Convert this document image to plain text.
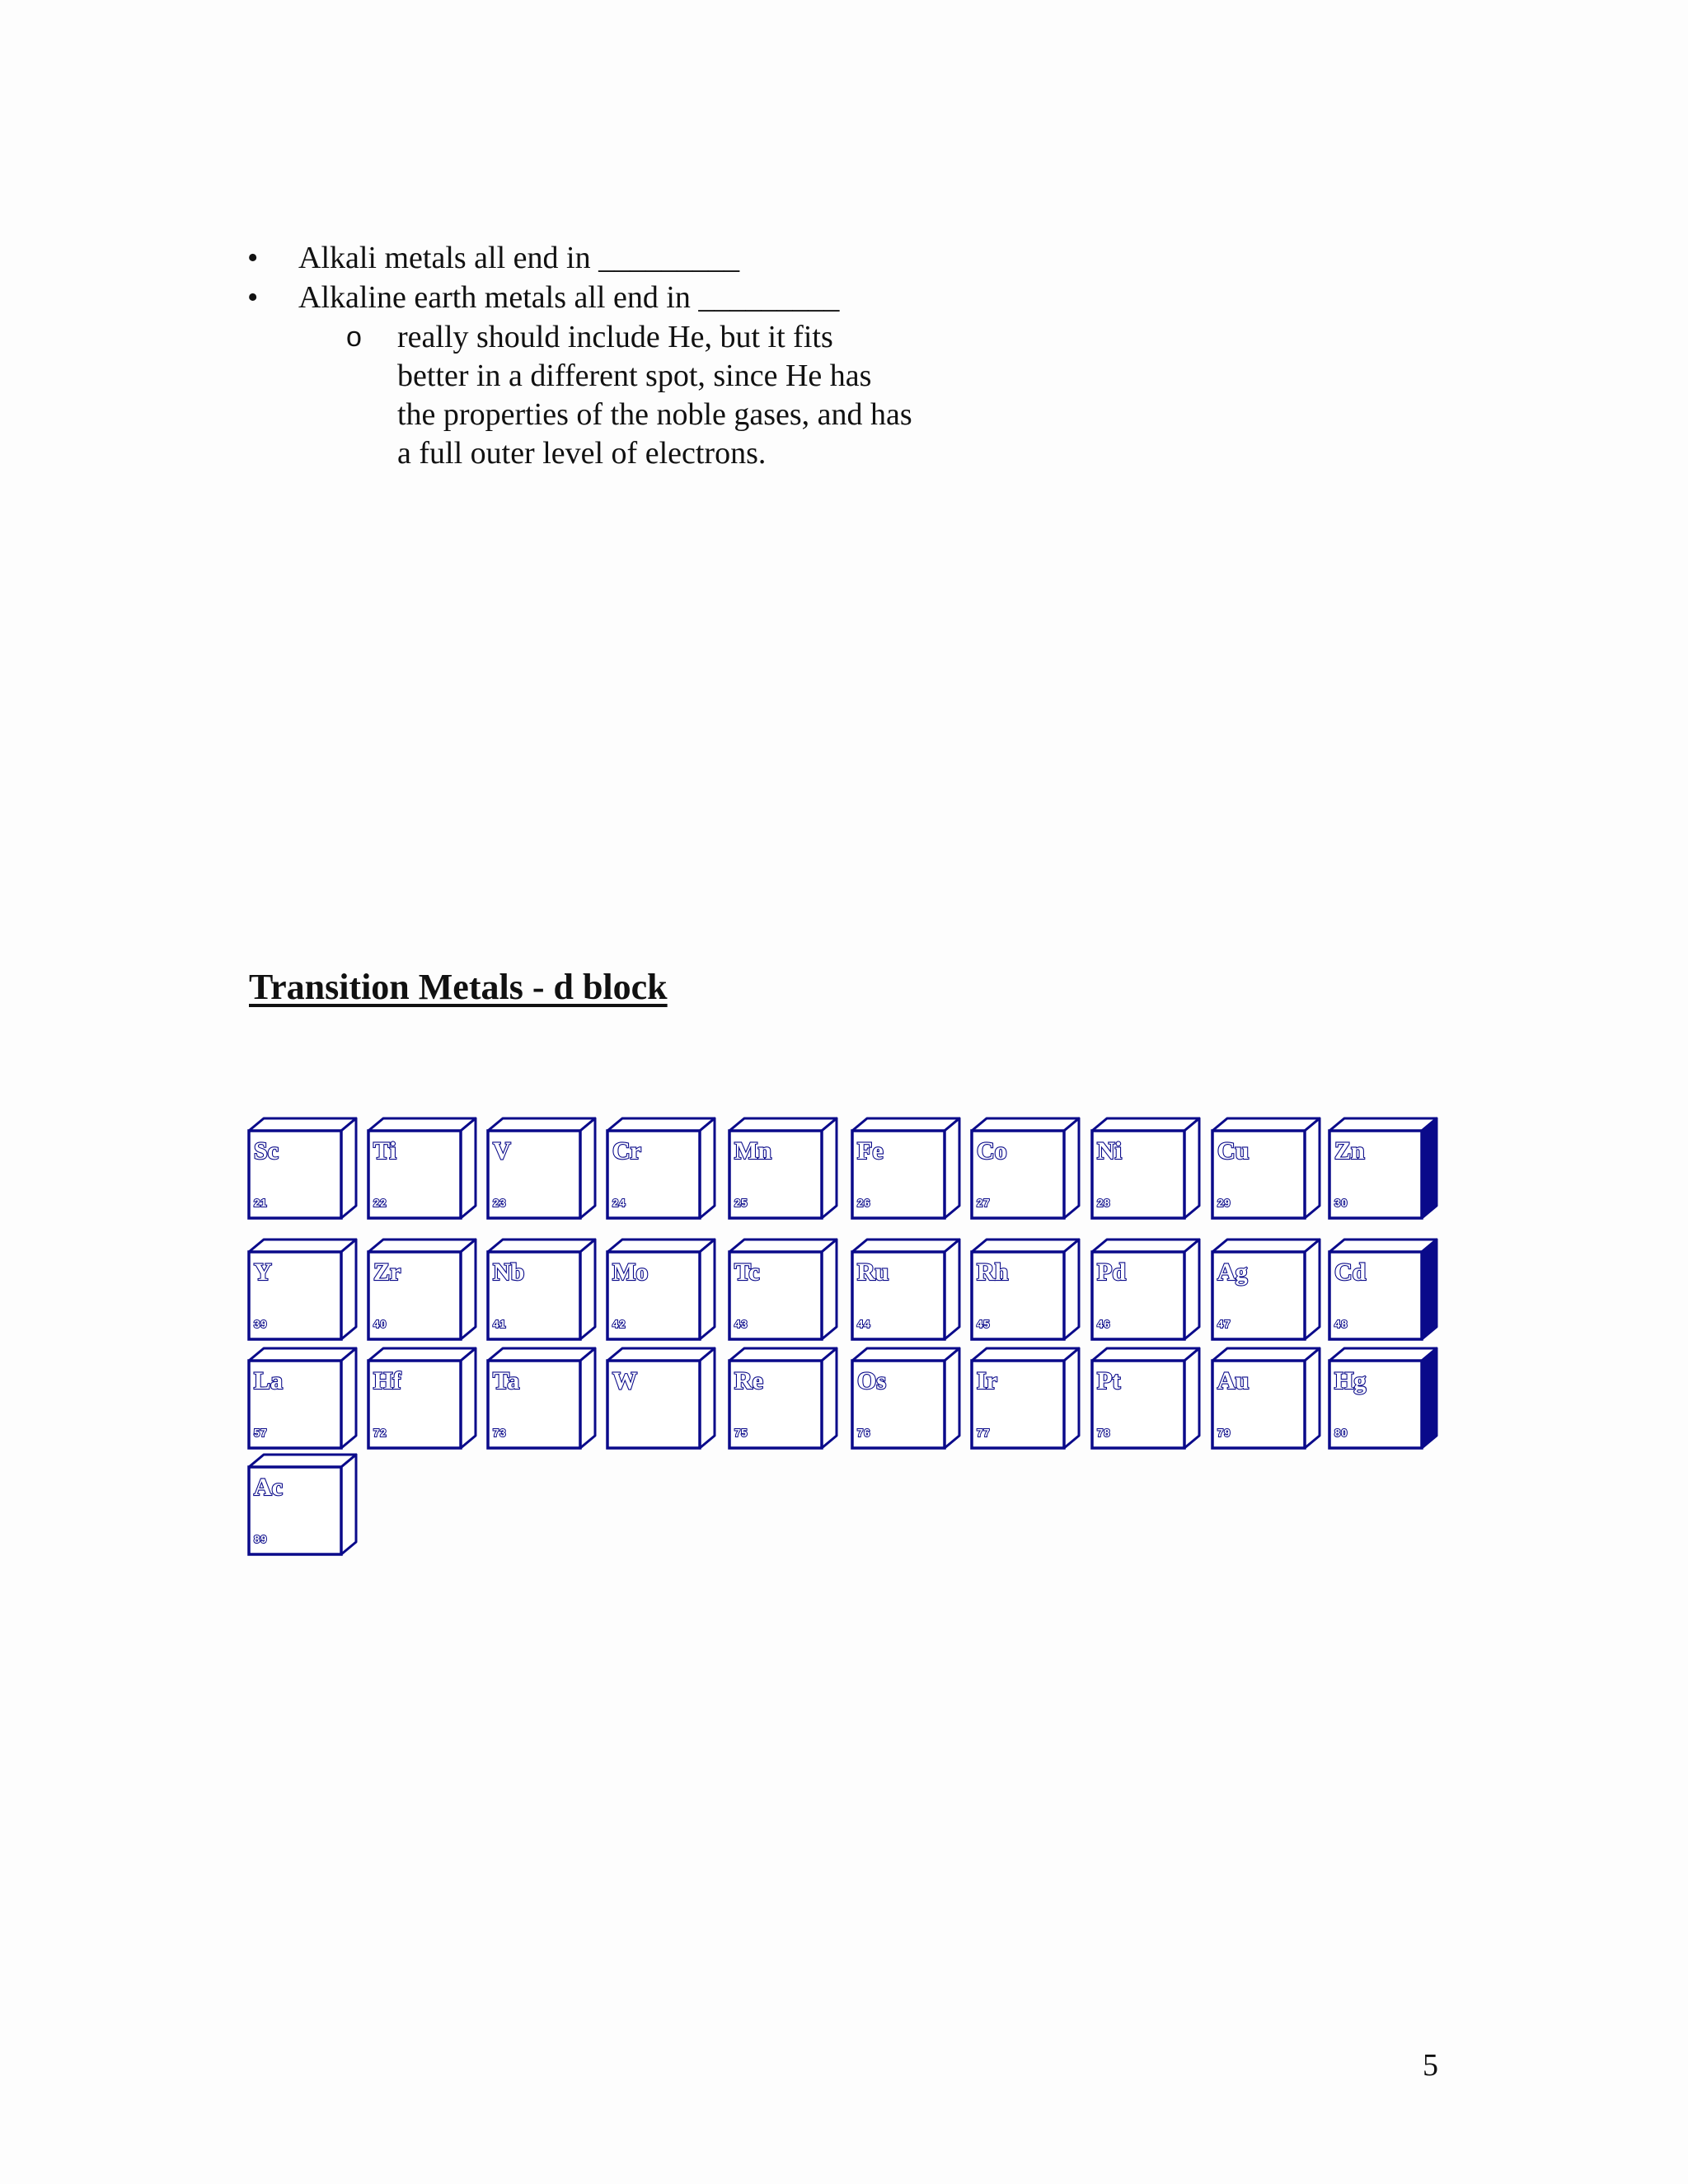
• Alkali metals all end in _________
• Alkaline earth metals all end in _________
o really should include He, but it fits

better in a different spot, since He has

the properties of the noble gases, and has

a full outer level of electrons.

Transition Metals - d block
Sc
21
Ti
22
V
23
Cr
24
Mn
25
Fe
26
Co
27
Ni
28
Cu
29
Zn
30
Y
39
Zr
40
Nb
41
Mo
42
Tc
43
Ru
44
Rh
45
Pd
46
Ag
47
Cd
48
La
57
Hf
72
Ta
73
W	Re
75
Os
76
Ir
77
Pt
78
Au
79
Hg
80
Ac
89
5
